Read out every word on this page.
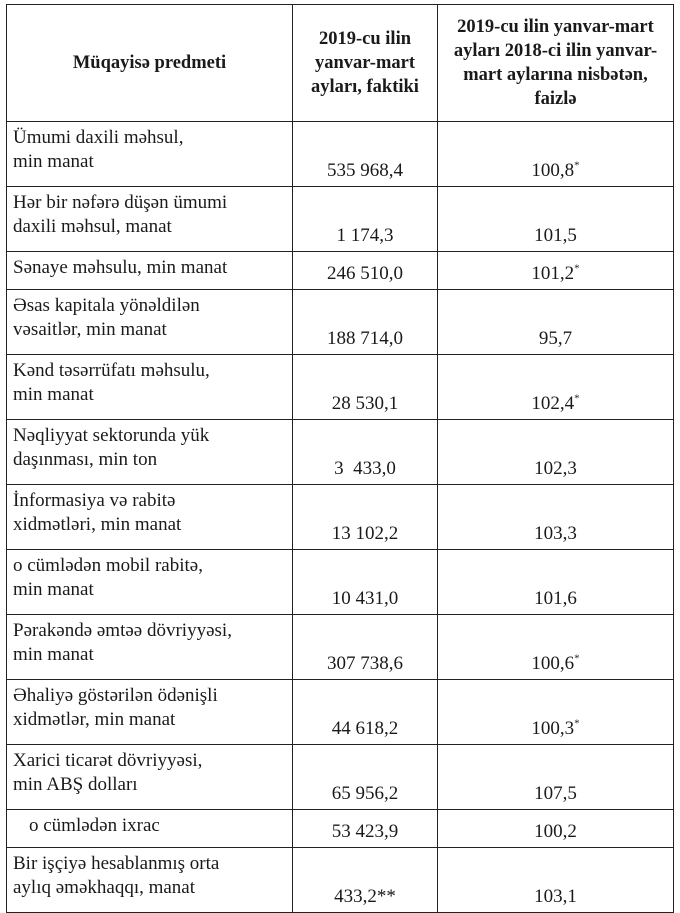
Müqayisə predmeti	2019-cu ilin yanvar-mart ayları, faktiki	2019-cu ilin yanvar-mart ayları 2018-ci ilin yanvar-mart aylarına nisbətən, faizlə
Ümumi daxili məhsul,
min manat	535 968,4	100,8*
Hər bir nəfərə düşən ümumi
daxili məhsul, manat	1 174,3	101,5
Sənaye məhsulu, min manat	246 510,0	101,2*
Əsas kapitala yönəldilən
vəsaitlər, min manat	188 714,0	95,7
Kənd təsərrüfatı məhsulu,
min manat	28 530,1	102,4*
Nəqliyyat sektorunda yük
daşınması, min ton	3  433,0	102,3
İnformasiya və rabitə
xidmətləri, min manat	13 102,2	103,3
o cümlədən mobil rabitə,
min manat	10 431,0	101,6
Pərakəndə əmtəə dövriyyəsi,
min manat	307 738,6	100,6*
Əhaliyə göstərilən ödənişli
xidmətlər, min manat	44 618,2	100,3*
Xarici ticarət dövriyyəsi,
min ABŞ dolları	65 956,2	107,5
o cümlədən ixrac	53 423,9	100,2
Bir işçiyə hesablanmış orta
aylıq əməkhaqqı, manat	433,2**	103,1
